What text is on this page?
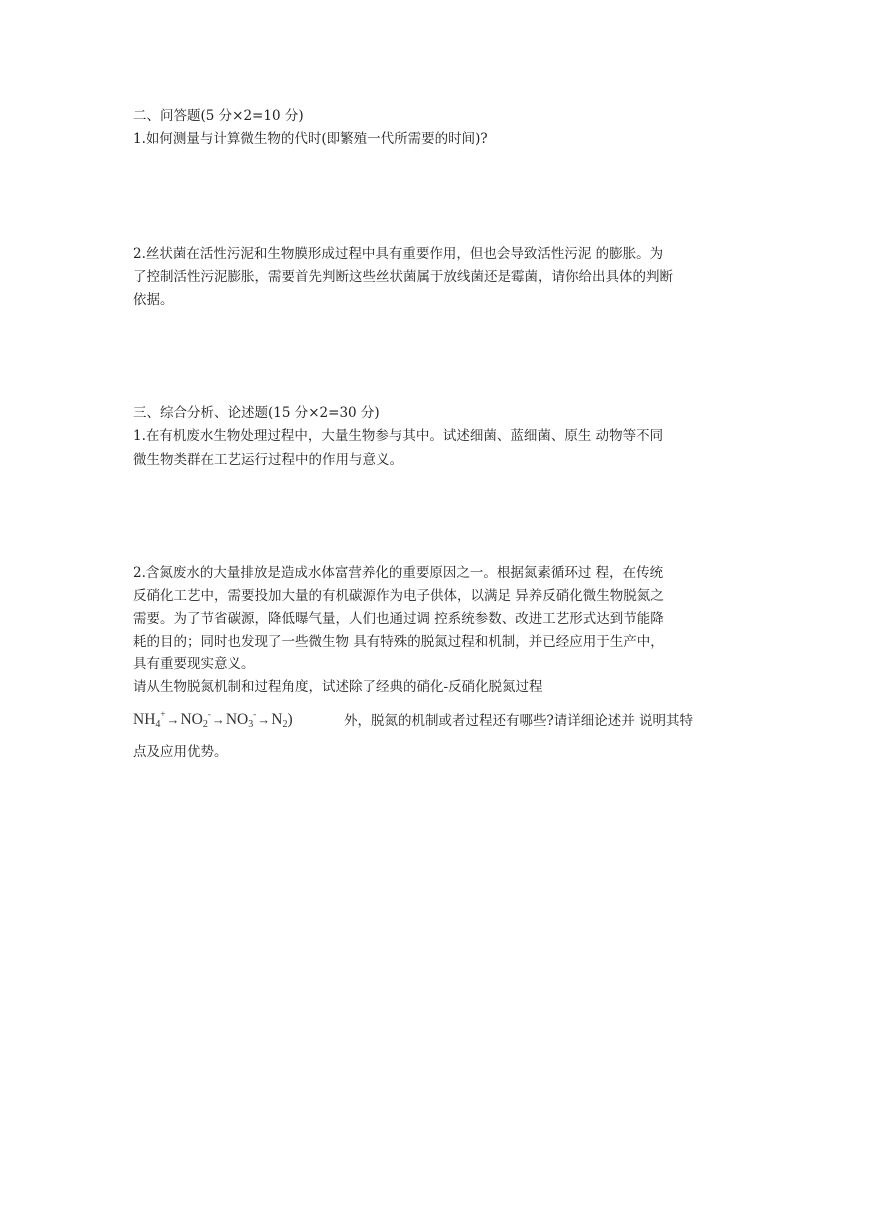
二、问答题(5 分×2=10 分)
1.如何测量与计算微生物的代时(即繁殖一代所需要的时间)?
2.丝状菌在活性污泥和生物膜形成过程中具有重要作用，但也会导致活性污泥 的膨胀。为
了控制活性污泥膨胀，需要首先判断这些丝状菌属于放线菌还是霉菌，请你给出具体的判断
依据。
三、综合分析、论述题(15 分×2=30 分)
1.在有机废水生物处理过程中，大量生物参与其中。试述细菌、蓝细菌、原生 动物等不同
微生物类群在工艺运行过程中的作用与意义。
2.含氮废水的大量排放是造成水体富营养化的重要原因之一。根据氮素循环过 程，在传统
反硝化工艺中，需要投加大量的有机碳源作为电子供体，以满足 异养反硝化微生物脱氮之
需要。为了节省碳源，降低曝气量，人们也通过调 控系统参数、改进工艺形式达到节能降
耗的目的；同时也发现了一些微生物 具有特殊的脱氮过程和机制，并已经应用于生产中，
具有重要现实意义。
请从生物脱氮机制和过程角度，试述除了经典的硝化-反硝化脱氮过程
$NH_4^+\to NO_2^-\to NO_3^-\to N_2$)	外，脱氮的机制或者过程还有哪些?请详细论述并 说明其特
点及应用优势。
